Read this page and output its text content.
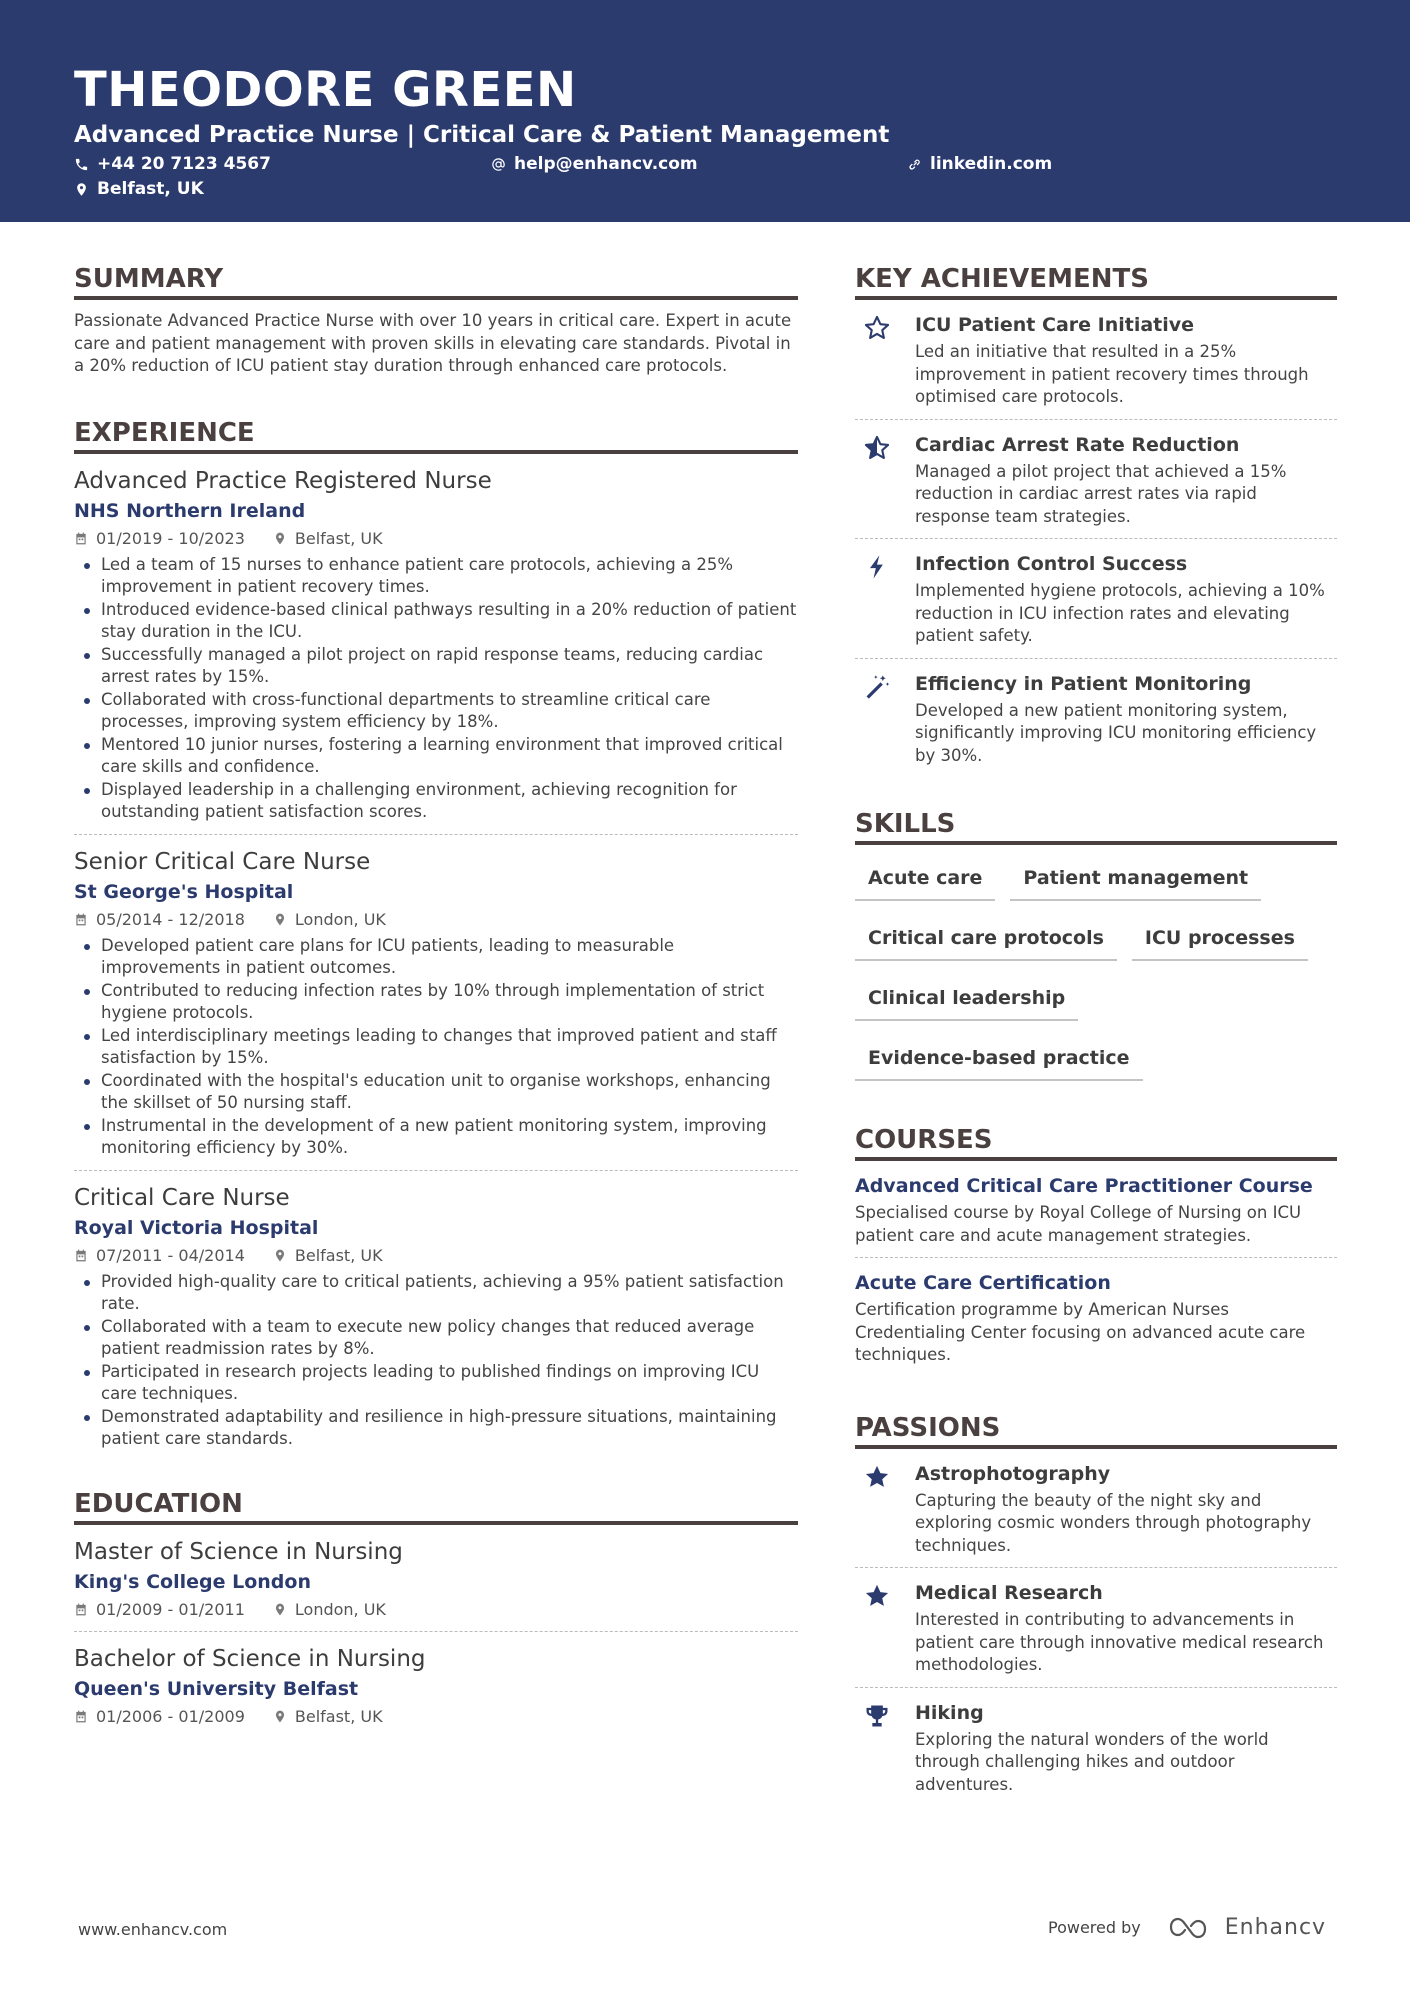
THEODORE GREEN
Advanced Practice Nurse | Critical Care & Patient Management
+44 20 7123 4567	help@enhancv.com	linkedin.com
Belfast, UK
SUMMARY
Passionate Advanced Practice Nurse with over 10 years in critical care. Expert in acute care and patient management with proven skills in elevating care standards. Pivotal in a 20% reduction of ICU patient stay duration through enhanced care protocols.
EXPERIENCE
Advanced Practice Registered Nurse
NHS Northern Ireland
01/2019 - 10/2023	Belfast, UK
Led a team of 15 nurses to enhance patient care protocols, achieving a 25% improvement in patient recovery times.
Introduced evidence-based clinical pathways resulting in a 20% reduction of patient stay duration in the ICU.
Successfully managed a pilot project on rapid response teams, reducing cardiac arrest rates by 15%.
Collaborated with cross-functional departments to streamline critical care processes, improving system efficiency by 18%.
Mentored 10 junior nurses, fostering a learning environment that improved critical care skills and confidence.
Displayed leadership in a challenging environment, achieving recognition for outstanding patient satisfaction scores.
Senior Critical Care Nurse
St George's Hospital
05/2014 - 12/2018	London, UK
Developed patient care plans for ICU patients, leading to measurable improvements in patient outcomes.
Contributed to reducing infection rates by 10% through implementation of strict hygiene protocols.
Led interdisciplinary meetings leading to changes that improved patient and staff satisfaction by 15%.
Coordinated with the hospital's education unit to organise workshops, enhancing the skillset of 50 nursing staff.
Instrumental in the development of a new patient monitoring system, improving monitoring efficiency by 30%.
Critical Care Nurse
Royal Victoria Hospital
07/2011 - 04/2014	Belfast, UK
Provided high-quality care to critical patients, achieving a 95% patient satisfaction rate.
Collaborated with a team to execute new policy changes that reduced average patient readmission rates by 8%.
Participated in research projects leading to published findings on improving ICU care techniques.
Demonstrated adaptability and resilience in high-pressure situations, maintaining patient care standards.
EDUCATION
Master of Science in Nursing
King's College London
01/2009 - 01/2011	London, UK
Bachelor of Science in Nursing
Queen's University Belfast
01/2006 - 01/2009	Belfast, UK
KEY ACHIEVEMENTS
ICU Patient Care Initiative
Led an initiative that resulted in a 25% improvement in patient recovery times through optimised care protocols.
Cardiac Arrest Rate Reduction
Managed a pilot project that achieved a 15% reduction in cardiac arrest rates via rapid response team strategies.
Infection Control Success
Implemented hygiene protocols, achieving a 10% reduction in ICU infection rates and elevating patient safety.
Efficiency in Patient Monitoring
Developed a new patient monitoring system, significantly improving ICU monitoring efficiency by 30%.
SKILLS
Acute care	Patient management
Critical care protocols	ICU processes
Clinical leadership
Evidence-based practice
COURSES
Advanced Critical Care Practitioner Course
Specialised course by Royal College of Nursing on ICU patient care and acute management strategies.
Acute Care Certification
Certification programme by American Nurses Credentialing Center focusing on advanced acute care techniques.
PASSIONS
Astrophotography
Capturing the beauty of the night sky and exploring cosmic wonders through photography techniques.
Medical Research
Interested in contributing to advancements in patient care through innovative medical research methodologies.
Hiking
Exploring the natural wonders of the world through challenging hikes and outdoor adventures.
www.enhancv.com	Powered by	Enhancv
